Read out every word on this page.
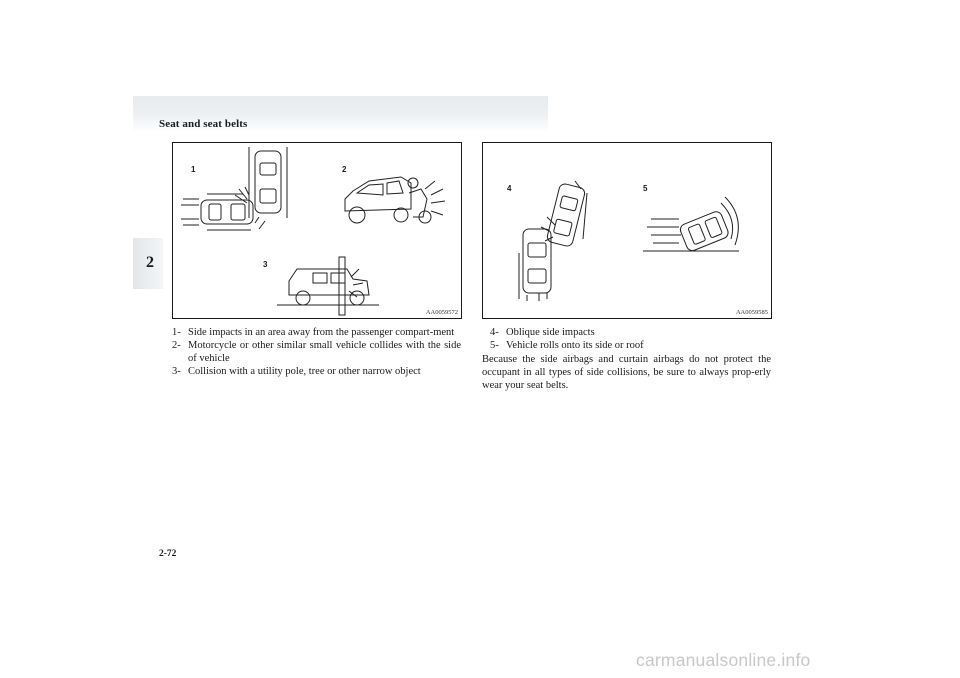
Seat and seat belts
2
1	2
3
AA0059572
4	5
AA0059585
1- Side impacts in an area away from the passenger compart-ment
2- Motorcycle or other similar small vehicle collides with the side of vehicle
3- Collision with a utility pole, tree or other narrow object
4- Oblique side impacts
5- Vehicle rolls onto its side or roof

Because the side airbags and curtain airbags do not protect the occupant in all types of side collisions, be sure to always prop-erly wear your seat belts.

2-72
carmanualsonline.info
